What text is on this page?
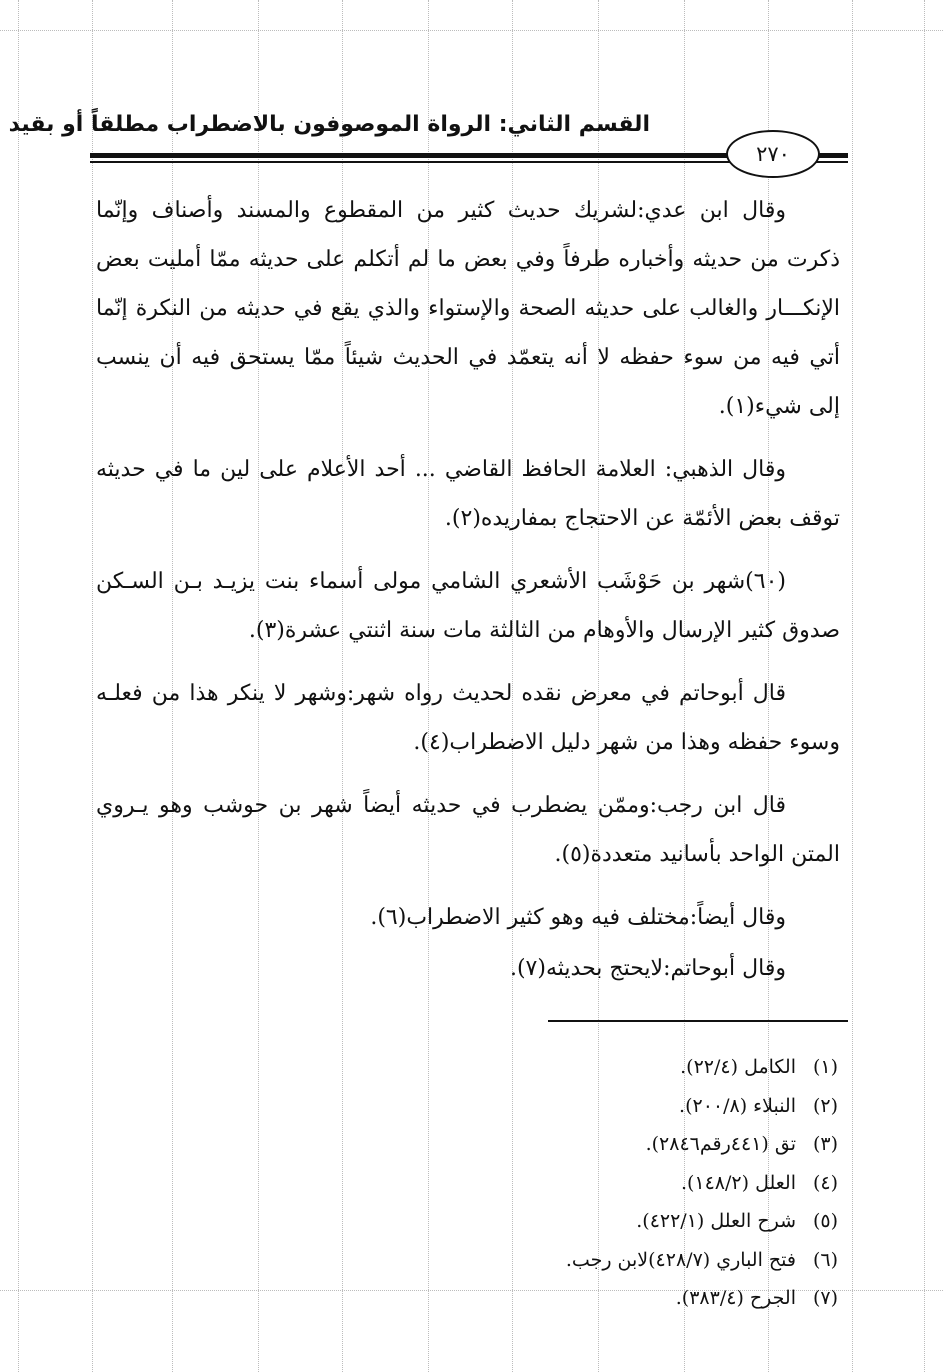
القسم الثاني: الرواة الموصوفون بالاضطراب مطلقاً أو بقيد
٢٧٠

وقال ابن عدي:لشريك حديث كثير من المقطوع والمسند وأصناف وإنّما ذكرت من حديثه وأخباره طرفاً وفي بعض ما لم أتكلم على حديثه ممّا أمليت بعض الإنكـــار والغالب على حديثه الصحة والإستواء والذي يقع في حديثه من النكرة إنّما أتي فيه من سوء حفظه لا أنه يتعمّد في الحديث شيئاً ممّا يستحق فيه أن ينسب إلى شيء(١).

وقال الذهبي: العلامة الحافظ القاضي ... أحد الأعلام على لين ما في حديثه توقف بعض الأئمّة عن الاحتجاج بمفاريده(٢).

(٦٠)شهر بن حَوْشَب الأشعري الشامي مولى أسماء بنت يزيـد بـن السـكن صدوق كثير الإرسال والأوهام من الثالثة مات سنة اثنتي عشرة(٣).

قال أبوحاتم في معرض نقده لحديث رواه شهر:وشهر لا ينكر هذا من فعلـه وسوء حفظه وهذا من شهر دليل الاضطراب(٤).

قال ابن رجب:وممّن يضطرب في حديثه أيضاً شهر بن حوشب وهو يـروي المتن الواحد بأسانيد متعددة(٥).

وقال أيضاً:مختلف فيه وهو كثير الاضطراب(٦).

وقال أبوحاتم:لايحتج بحديثه(٧).

(١)
الكامل (٢٢/٤).
(٢)
النبلاء (٢٠٠/٨).
(٣)
تق (٤٤١رقم٢٨٤٦).
(٤)
العلل (١٤٨/٢).
(٥)
شرح العلل (٤٢٢/١).
(٦)
فتح الباري (٤٢٨/٧)لابن رجب.
(٧)
الجرح (٣٨٣/٤).
